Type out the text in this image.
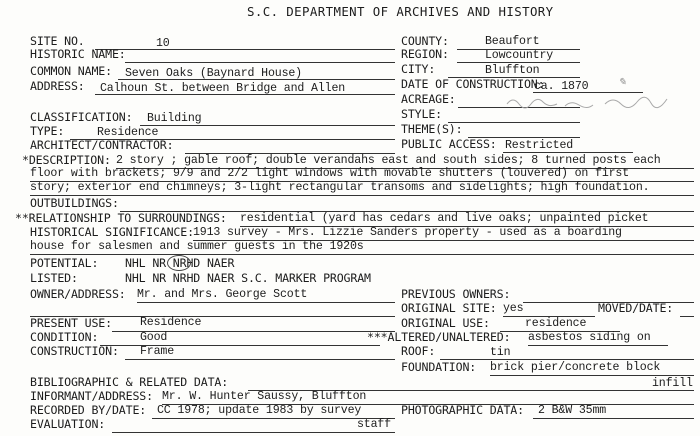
S.C. DEPARTMENT OF ARCHIVES AND HISTORY
SITE NO.	10	COUNTY:	Beaufort
HISTORIC NAME:	REGION:	Lowcountry
COMMON NAME: Seven Oaks (Baynard House)	CITY:	Bluffton
ADDRESS: Calhoun St. between Bridge and Allen	DATE OF CONSTRUCTION:
ca. 1870	✎
ACREAGE:
CLASSIFICATION: Building	STYLE:
TYPE:	Residence	THEME(S):
ARCHITECT/CONTRACTOR:	PUBLIC ACCESS: Restricted
*DESCRIPTION: 2 story ; gable roof; double verandahs east and south sides; 8 turned posts each
floor with brackets; 9/9 and 2/2 light windows with movable shutters (louvered) on first
story; exterior end chimneys; 3-light rectangular transoms and sidelights; high foundation.
OUTBUILDINGS:
**RELATIONSHIP TO SURROUNDINGS: residential (yard has cedars and live oaks; unpainted picket
HISTORICAL SIGNIFICANCE: 1913 survey - Mrs. Lizzie Sanders property - used as a boarding
house for salesmen and summer guests in the 1920s
POTENTIAL: NHL NR NRHD NAER
LISTED:	NHL NR NRHD NAER S.C. MARKER PROGRAM
OWNER/ADDRESS: Mr. and Mrs. George Scott	PREVIOUS OWNERS:
ORIGINAL SITE: yes	MOVED/DATE:
PRESENT USE: Residence	ORIGINAL USE:	residence
CONDITION:	Good	***ALTERED/UNALTERED: asbestos siding on
CONSTRUCTION: Frame	ROOF:	tin
FOUNDATION: brick pier/concrete block
BIBLIOGRAPHIC & RELATED DATA:	infill
INFORMANT/ADDRESS: Mr. W. Hunter Saussy, Bluffton
RECORDED BY/DATE: CC 1978; update 1983 by survey	PHOTOGRAPHIC DATA: 2 B&W 35mm
EVALUATION:	staff
